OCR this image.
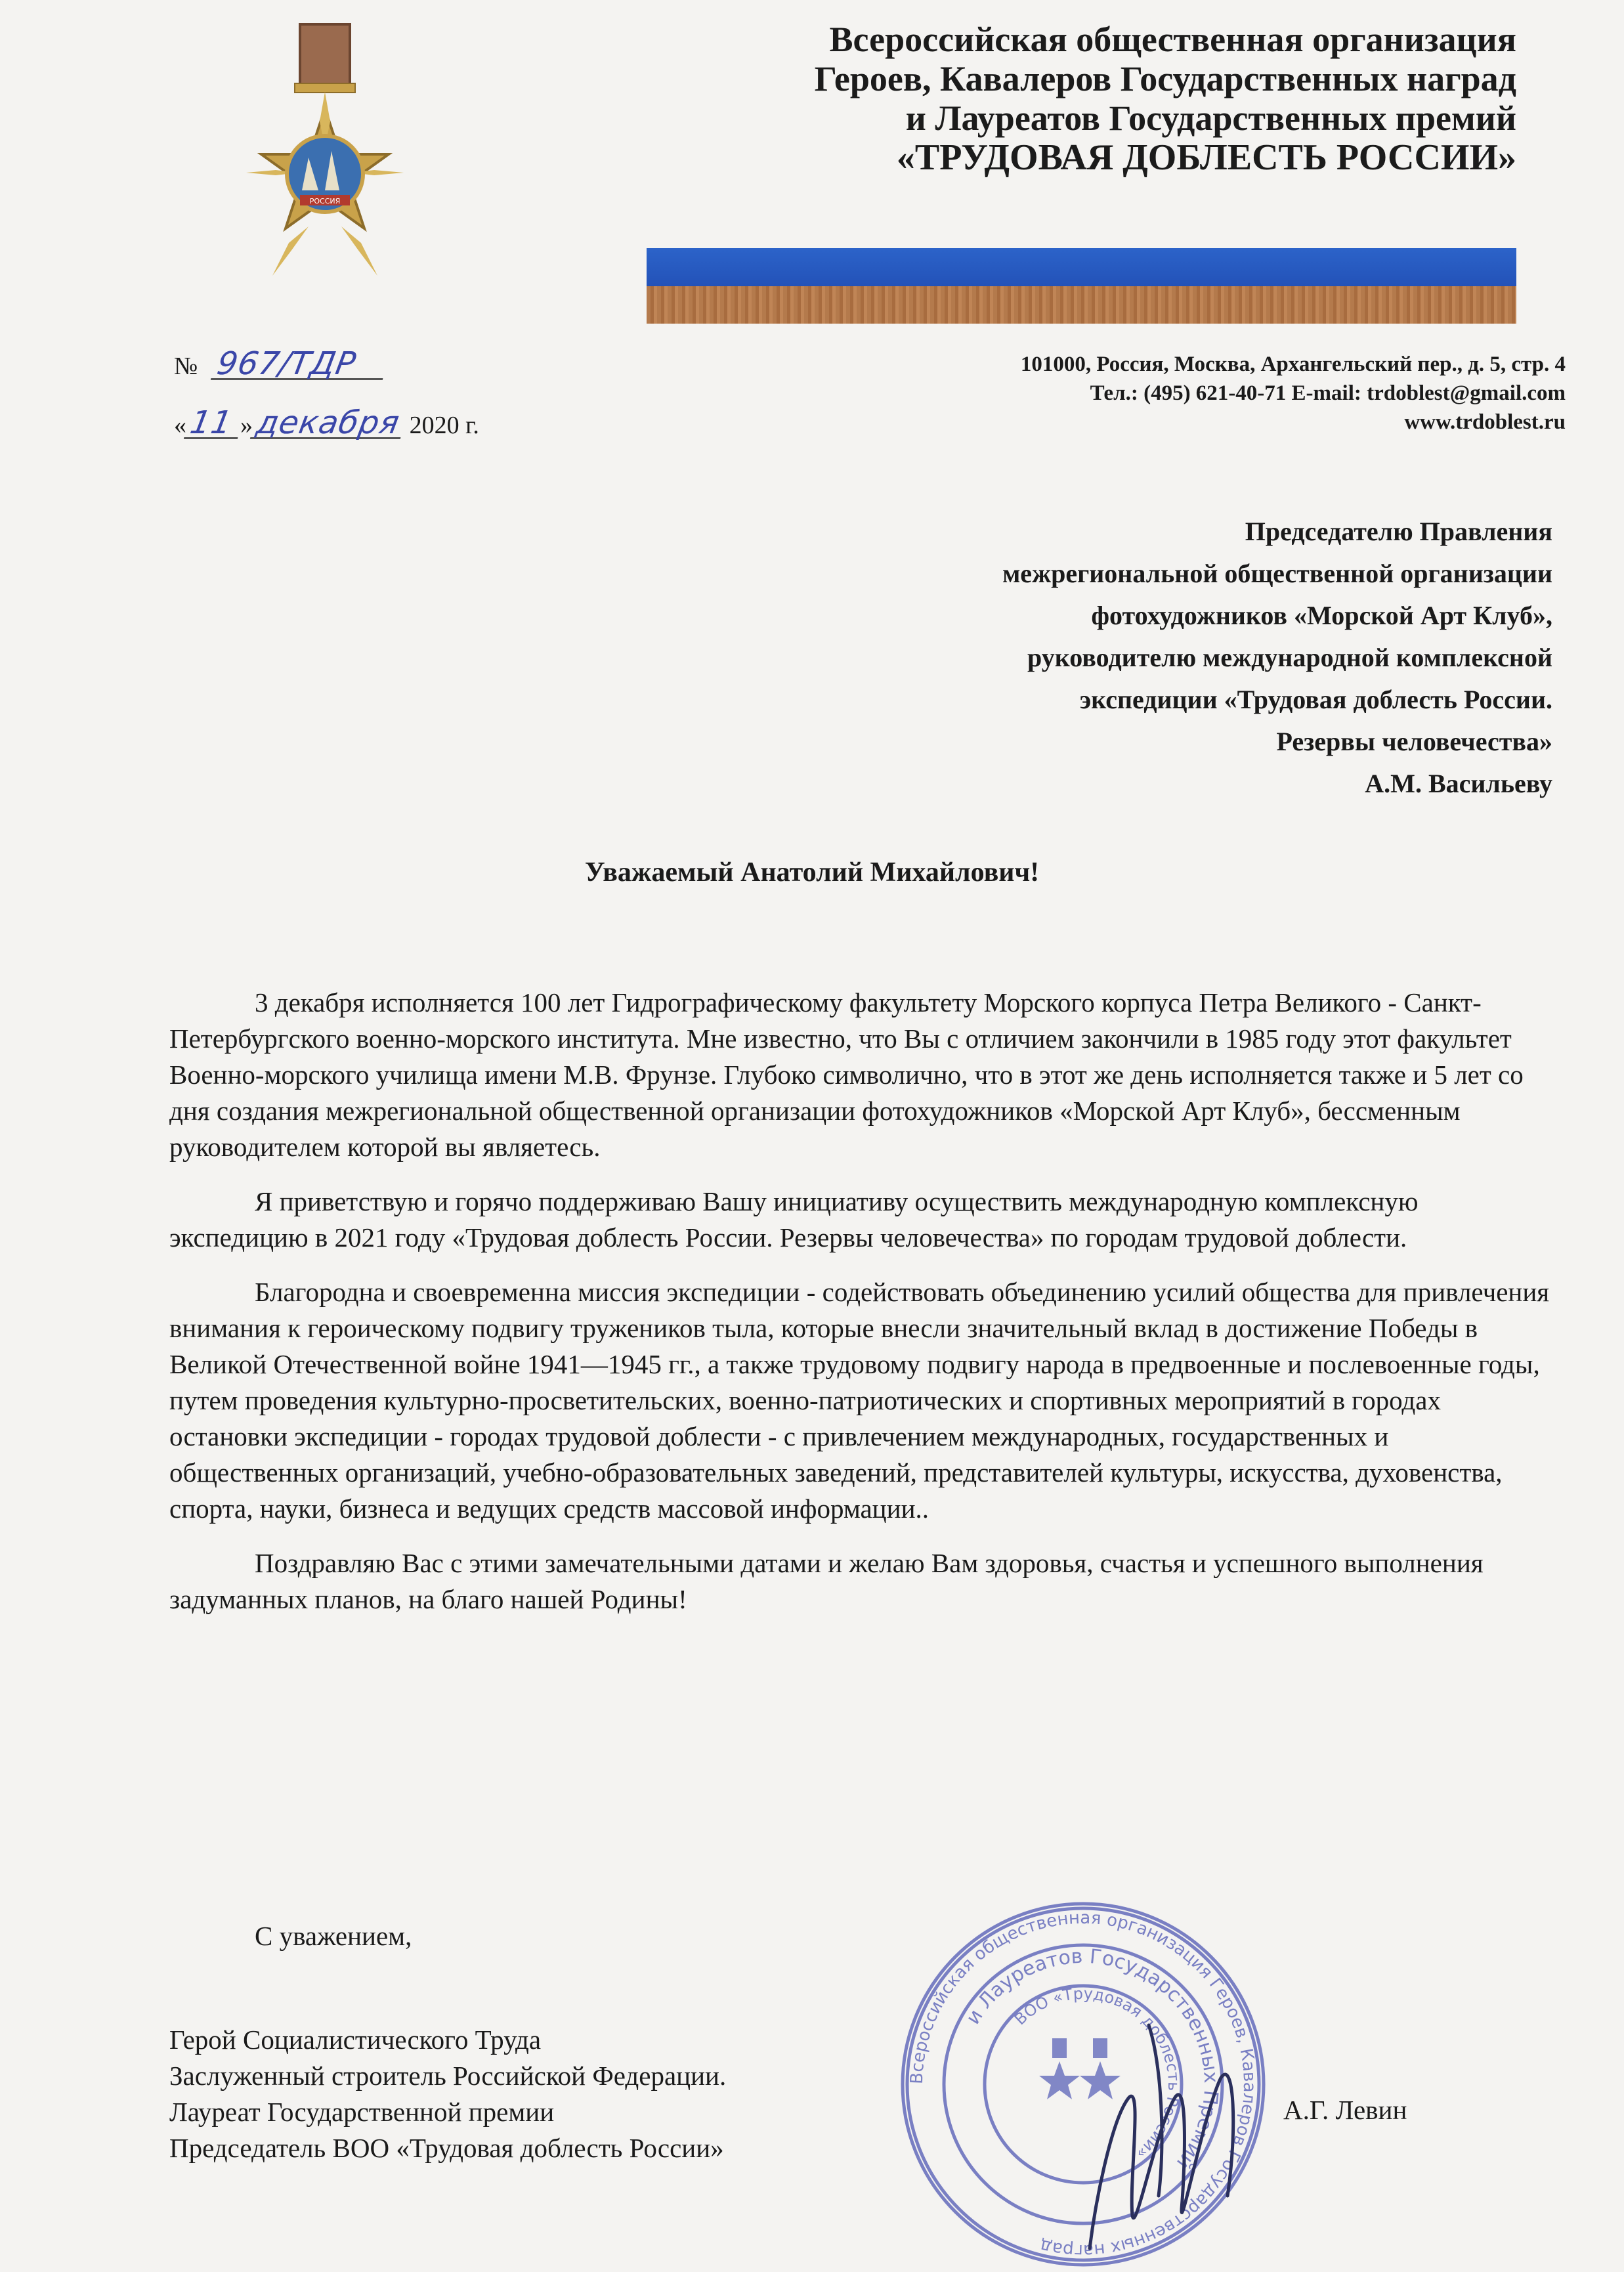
РОССИЯ
Всероссийская общественная организация
Героев, Кавалеров Государственных наград
и Лауреатов Государственных премий
«ТРУДОВАЯ ДОБЛЕСТЬ РОССИИ»
101000, Россия, Москва, Архангельский пер., д. 5, стр. 4
Тел.: (495) 621-40-71 E-mail: trdoblest@gmail.com
www.trdoblest.ru
№ 967/ТДР
«11 »декабря 2020 г.
Председателю Правления
межрегиональной общественной организации
фотохудожников «Морской Арт Клуб»,
руководителю международной комплексной
экспедиции «Трудовая доблесть России.
Резервы человечества»
А.М. Васильеву
Уважаемый Анатолий Михайлович!

3 декабря исполняется 100 лет Гидрографическому факультету Морского корпуса Петра Великого - Санкт-Петербургского военно-морского института. Мне известно, что Вы с отличием закончили в 1985 году этот факультет Военно-морского училища имени М.В. Фрунзе. Глубоко символично, что в этот же день исполняется также и 5 лет со дня создания межрегиональной общественной организации фотохудожников «Морской Арт Клуб», бессменным руководителем которой вы являетесь.

Я приветствую и горячо поддерживаю Вашу инициативу осуществить международную комплексную экспедицию в 2021 году «Трудовая доблесть России. Резервы человечества» по городам трудовой доблести.

Благородна и своевременна миссия экспедиции - содействовать объединению усилий общества для привлечения внимания к героическому подвигу тружеников тыла, которые внесли значительный вклад в достижение Победы в Великой Отечественной войне 1941—1945 гг., а также трудовому подвигу народа в предвоенные и послевоенные годы, путем проведения культурно-просветительских, военно-патриотических и спортивных мероприятий в городах остановки экспедиции - городах трудовой доблести - с привлечением международных, государственных и общественных организаций, учебно-образовательных заведений, представителей культуры, искусства, духовенства, спорта, науки, бизнеса и ведущих средств массовой информации..

Поздравляю Вас с этими замечательными датами и желаю Вам здоровья, счастья и успешного выполнения задуманных планов, на благо нашей Родины!

С уважением,
Всероссийская общественная организация Героев, Кавалеров Государственных наград
и Лауреатов Государственных Премий
ВОО «Трудовая доблесть России»
Герой Социалистического Труда
Заслуженный строитель Российской Федерации.
Лауреат Государственной премии
Председатель ВОО «Трудовая доблесть России»
А.Г. Левин
